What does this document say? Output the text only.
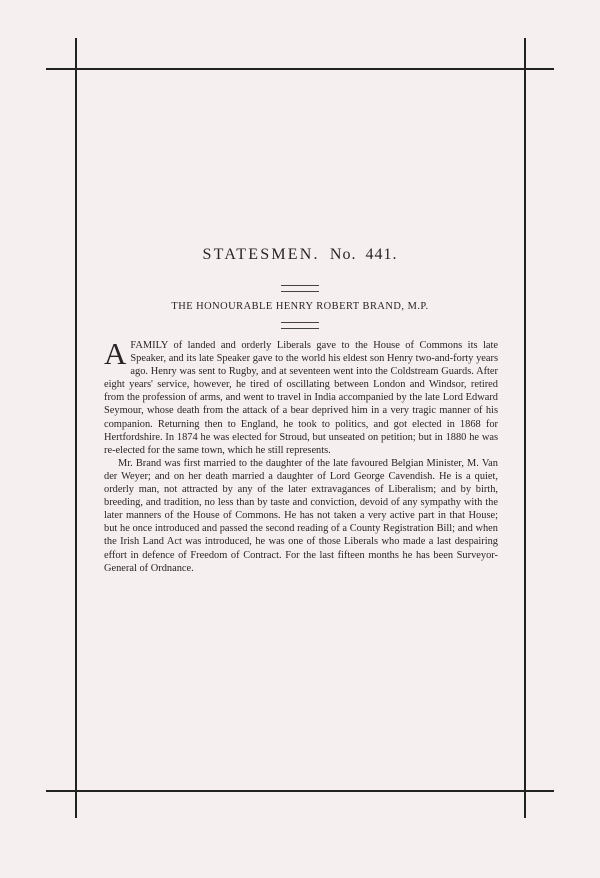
STATESMEN. No. 441.
THE HONOURABLE HENRY ROBERT BRAND, M.P.

AFAMILY of landed and orderly Liberals gave to the House of Commons its late Speaker, and its late Speaker gave to the world his eldest son Henry two-and-forty years ago. Henry was sent to Rugby, and at seventeen went into the Coldstream Guards. After eight years' service, however, he tired of oscillating between London and Windsor, retired from the profession of arms, and went to travel in India accompanied by the late Lord Edward Seymour, whose death from the attack of a bear deprived him in a very tragic manner of his companion. Returning then to England, he took to politics, and got elected in 1868 for Hertfordshire. In 1874 he was elected for Stroud, but unseated on petition; but in 1880 he was re-elected for the same town, which he still represents.

Mr. Brand was first married to the daughter of the late favoured Belgian Minister, M. Van der Weyer; and on her death married a daughter of Lord George Cavendish. He is a quiet, orderly man, not attracted by any of the later extravagances of Liberalism; and by birth, breeding, and tradition, no less than by taste and conviction, devoid of any sympathy with the later manners of the House of Commons. He has not taken a very active part in that House; but he once introduced and passed the second reading of a County Registration Bill; and when the Irish Land Act was introduced, he was one of those Liberals who made a last despairing effort in defence of Freedom of Contract. For the last fifteen months he has been Surveyor-General of Ordnance.
